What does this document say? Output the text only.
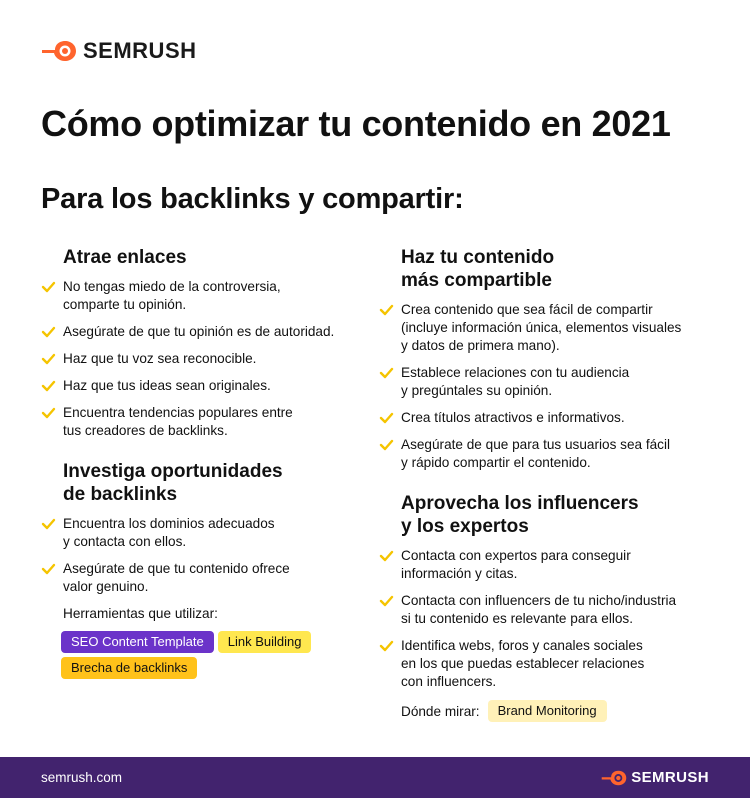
SEMRUSH
Cómo optimizar tu contenido en 2021
Para los backlinks y compartir:
Atrae enlaces
No tengas miedo de la controversia,
comparte tu opinión.
Asegúrate de que tu opinión es de autoridad.
Haz que tu voz sea reconocible.
Haz que tus ideas sean originales.
Encuentra tendencias populares entre
tus creadores de backlinks.
Investiga oportunidades
de backlinks
Encuentra los dominios adecuados
y contacta con ellos.
Asegúrate de que tu contenido ofrece
valor genuino.
Herramientas que utilizar:
SEO Content Template	Link Building
Brecha de backlinks
Haz tu contenido
más compartible
Crea contenido que sea fácil de compartir
(incluye información única, elementos visuales
y datos de primera mano).
Establece relaciones con tu audiencia
y pregúntales su opinión.
Crea títulos atractivos e informativos.
Asegúrate de que para tus usuarios sea fácil
y rápido compartir el contenido.
Aprovecha los influencers
y los expertos
Contacta con expertos para conseguir
información y citas.
Contacta con influencers de tu nicho/industria
si tu contenido es relevante para ellos.
Identifica webs, foros y canales sociales
en los que puedas establecer relaciones
con influencers.
Dónde mirar:	Brand Monitoring
semrush.com	SEMRUSH
